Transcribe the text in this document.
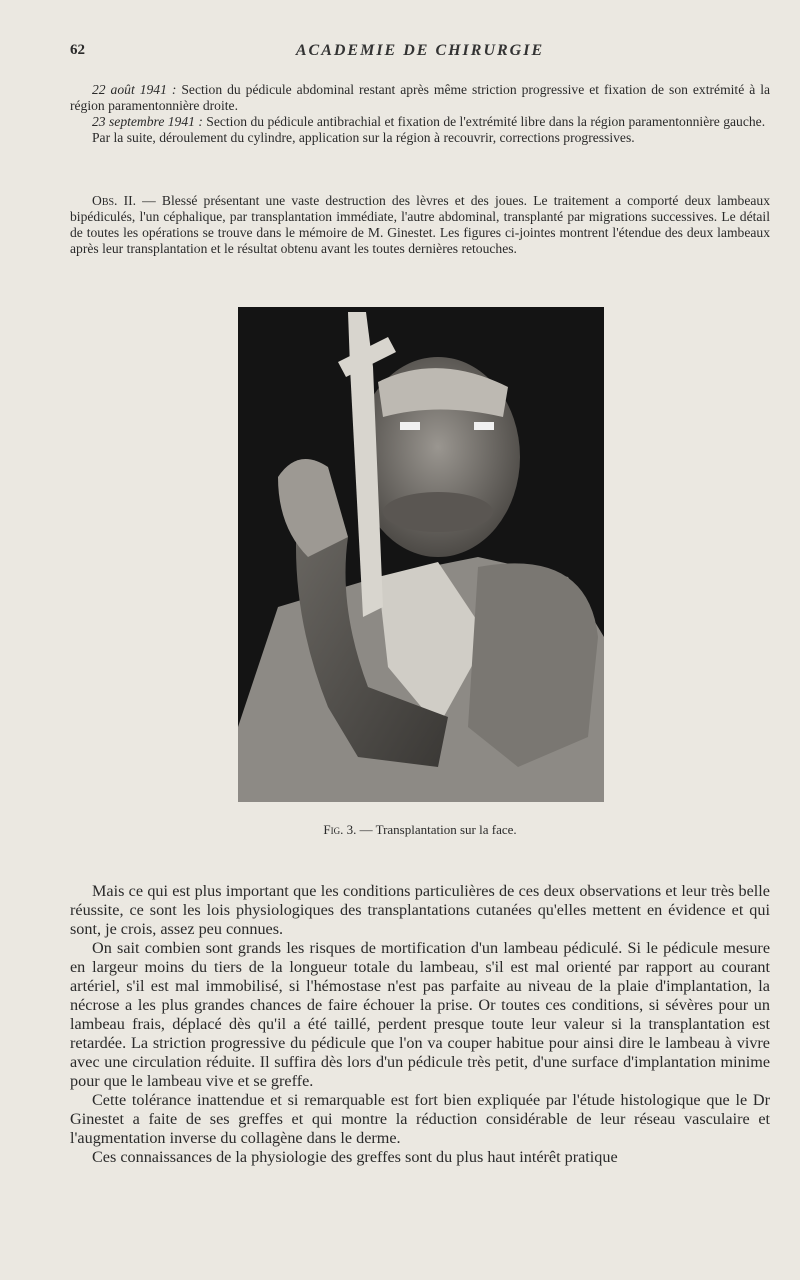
62	ACADEMIE DE CHIRURGIE

22 août 1941 : Section du pédicule abdominal restant après même striction progressive et fixation de son extrémité à la région paramentonnière droite.

23 septembre 1941 : Section du pédicule antibrachial et fixation de l'extrémité libre dans la région paramentonnière gauche.

Par la suite, déroulement du cylindre, application sur la région à recouvrir, corrections progressives.

Obs. II. — Blessé présentant une vaste destruction des lèvres et des joues. Le traitement a comporté deux lambeaux bipédiculés, l'un céphalique, par transplantation immédiate, l'autre abdominal, transplanté par migrations successives. Le détail de toutes les opérations se trouve dans le mémoire de M. Ginestet. Les figures ci-jointes montrent l'étendue des deux lambeaux après leur transplantation et le résultat obtenu avant les toutes dernières retouches.

Fig. 3. — Transplantation sur la face.

Mais ce qui est plus important que les conditions particulières de ces deux observations et leur très belle réussite, ce sont les lois physiologiques des transplantations cutanées qu'elles mettent en évidence et qui sont, je crois, assez peu connues.

On sait combien sont grands les risques de mortification d'un lambeau pédiculé. Si le pédicule mesure en largeur moins du tiers de la longueur totale du lambeau, s'il est mal orienté par rapport au courant artériel, s'il est mal immobilisé, si l'hémostase n'est pas parfaite au niveau de la plaie d'implantation, la nécrose a les plus grandes chances de faire échouer la prise. Or toutes ces conditions, si sévères pour un lambeau frais, déplacé dès qu'il a été taillé, perdent presque toute leur valeur si la transplantation est retardée. La striction progressive du pédicule que l'on va couper habitue pour ainsi dire le lambeau à vivre avec une circulation réduite. Il suffira dès lors d'un pédicule très petit, d'une surface d'implantation minime pour que le lambeau vive et se greffe.

Cette tolérance inattendue et si remarquable est fort bien expliquée par l'étude histologique que le Dr Ginestet a faite de ses greffes et qui montre la réduction considérable de leur réseau vasculaire et l'augmentation inverse du collagène dans le derme.

Ces connaissances de la physiologie des greffes sont du plus haut intérêt pratique
